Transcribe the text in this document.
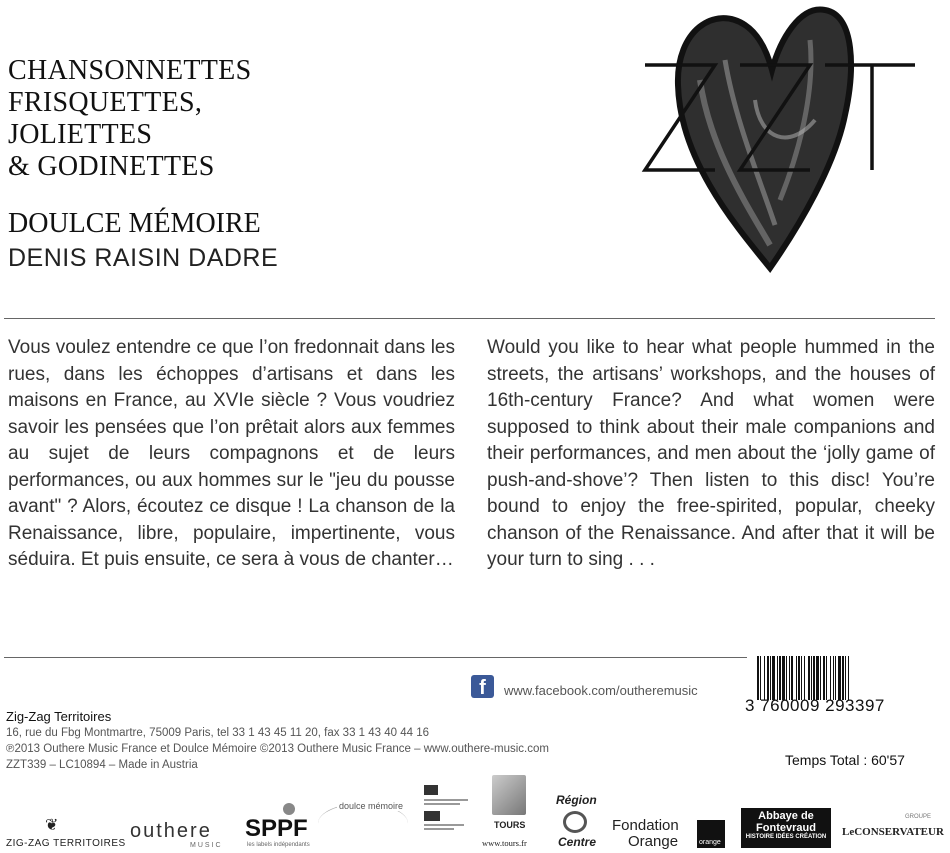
CHANSONNETTES
FRISQUETTES,
JOLIETTES
& GODINETTES
DOULCE MÉMOIRE
DENIS RAISIN DADRE
Vous voulez entendre ce que l’on fredonnait dans les rues, dans les échoppes d’artisans et dans les maisons en France, au XVIe siècle ? Vous voudriez savoir les pensées que l’on prêtait alors aux femmes au sujet de leurs compagnons et de leurs performances, ou aux hommes sur le "jeu du pousse avant" ? Alors, écoutez ce disque ! La chanson de la Renaissance, libre, populaire, impertinente, vous séduira. Et puis ensuite, ce sera à vous de chanter…
Would you like to hear what people hummed in the streets, the artisans’ workshops, and the houses of 16th-century France? And what women were supposed to think about their male companions and their performances, and men about the ‘jolly game of push-and-shove’? Then listen to this disc! You’re bound to enjoy the free-spirited, popular, cheeky chanson of the Renaissance. And after that it will be your turn to sing . . .
f	www.facebook.com/outheremusic
3 760009 293397
Zig-Zag Territoires
16, rue du Fbg Montmartre, 75009 Paris, tel 33 1 43 45 11 20, fax 33 1 43 40 44 16
℗2013 Outhere Music France et Doulce Mémoire ©2013 Outhere Music France – www.outhere-music.com
ZZT339 – LC10894 – Made in Austria	Temps Total : 60'57
❦
ZIG-ZAG TERRITOIRES
outhere
MUSIC
SPPF
les labels indépendants
doulce mémoire
TOURS
www.tours.fr
Région
Centre
Fondation
Orange	orange
Abbaye de
Fontevraud
HISTOIRE IDÉES CRÉATION
GROUPE
LeCONSERVATEUR
